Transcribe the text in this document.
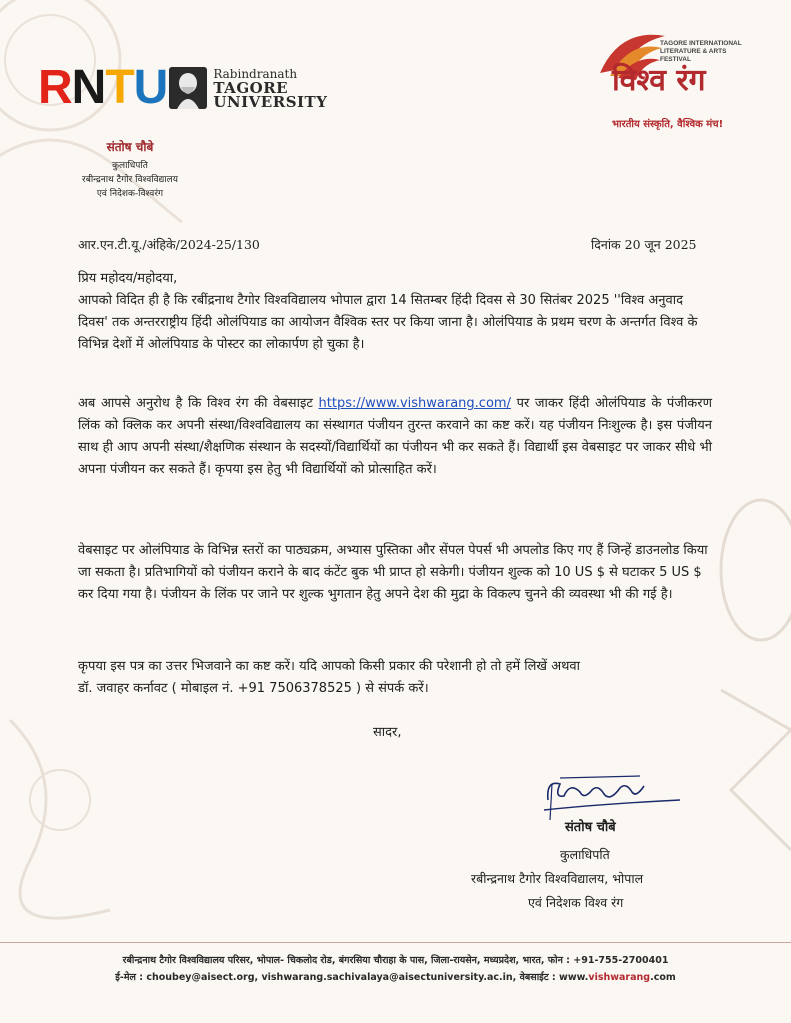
RNTU	Rabindranath
TAGORE
UNIVERSITY
TAGORE INTERNATIONAL
LITERATURE & ARTS FESTIVAL
विश्व रंग
भारतीय संस्कृति, वैश्विक मंच!
संतोष चौबे
कुलाधिपति
रबीन्द्रनाथ टैगोर विश्वविद्यालय
एवं निदेशक-विश्वरंग
आर.एन.टी.यू./अंहिके/2024-25/130	दिनांक 20 जून 2025

प्रिय महोदय/महोदया,

आपको विदित ही है कि रबींद्रनाथ टैगोर विश्वविद्यालय भोपाल द्वारा 14 सितम्बर हिंदी दिवस से 30 सितंबर 2025 ''विश्व अनुवाद दिवस' तक अन्तरराष्ट्रीय हिंदी ओलंपियाड का आयोजन वैश्विक स्तर पर किया जाना है। ओलंपियाड के प्रथम चरण के अन्तर्गत विश्व के विभिन्न देशों में ओलंपियाड के पोस्टर का लोकार्पण हो चुका है।

अब आपसे अनुरोध है कि विश्व रंग की वेबसाइट https://www.vishwarang.com/ पर जाकर हिंदी ओलंपियाड के पंजीकरण लिंक को क्लिक कर अपनी संस्था/विश्वविद्यालय का संस्थागत पंजीयन तुरन्त करवाने का कष्ट करें। यह पंजीयन निःशुल्क है। इस पंजीयन साथ ही आप अपनी संस्था/शैक्षणिक संस्थान के सदस्यों/विद्यार्थियों का पंजीयन भी कर सकते हैं। विद्यार्थी इस वेबसाइट पर जाकर सीधे भी अपना पंजीयन कर सकते हैं। कृपया इस हेतु भी विद्यार्थियों को प्रोत्साहित करें।

वेबसाइट पर ओलंपियाड के विभिन्न स्तरों का पाठ्यक्रम, अभ्यास पुस्तिका और सेंपल पेपर्स भी अपलोड किए गए हैं जिन्हें डाउनलोड किया जा सकता है। प्रतिभागियों को पंजीयन कराने के बाद कंटेंट बुक भी प्राप्त हो सकेगी। पंजीयन शुल्क को 10 US $ से घटाकर 5 US $ कर दिया गया है। पंजीयन के लिंक पर जाने पर शुल्क भुगतान हेतु अपने देश की मुद्रा के विकल्प चुनने की व्यवस्था भी की गई है।

कृपया इस पत्र का उत्तर भिजवाने का कष्ट करें। यदि आपको किसी प्रकार की परेशानी हो तो हमें लिखें अथवा
डॉ. जवाहर कर्नावट ( मोबाइल नं. +91 7506378525 ) से संपर्क करें।

सादर,
संतोष चौबे
कुलाधिपति
रबीन्द्रनाथ टैगोर विश्वविद्यालय, भोपाल
एवं निदेशक विश्व रंग
रबीन्द्रनाथ टैगोर विश्वविद्यालय परिसर, भोपाल- चिकलोद रोड, बंगरसिया चौराहा के पास, जिला-रायसेन, मध्यप्रदेश, भारत, फोन : +91-755-2700401
ई-मेल : choubey@aisect.org, vishwarang.sachivalaya@aisectuniversity.ac.in, वेबसाईट : www.vishwarang.com
